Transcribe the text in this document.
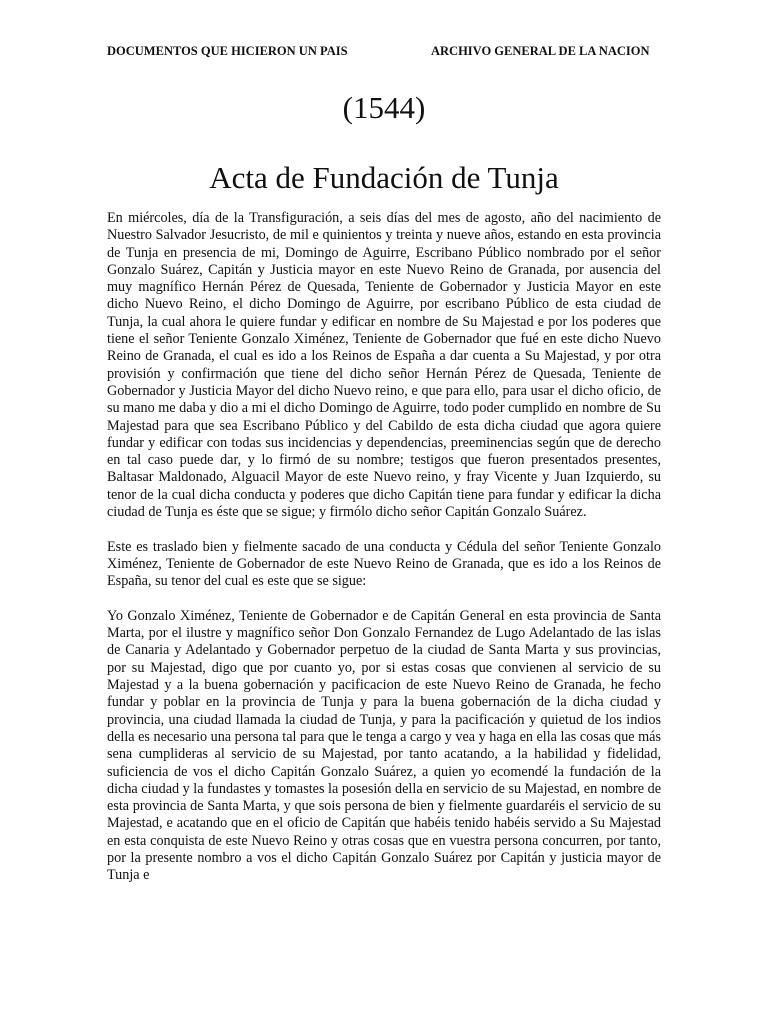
DOCUMENTOS QUE HICIERON UN PAIS	ARCHIVO GENERAL DE LA NACION
(1544)
Acta de Fundación de Tunja

En miércoles, día de la Transfiguración, a seis días del mes de agosto, año del nacimiento de Nuestro Salvador Jesucristo, de mil e quinientos y treinta y nueve años, estando en esta provincia de Tunja en presencia de mi, Domingo de Aguirre, Escribano Público nombrado por el señor Gonzalo Suárez, Capitán y Justicia mayor en este Nuevo Reino de Granada, por ausencia del muy magnífico Hernán Pérez de Quesada, Teniente de Gobernador y Justicia Mayor en este dicho Nuevo Reino, el dicho Domingo de Aguirre, por escribano Público de esta ciudad de Tunja, la cual ahora le quiere fundar y edificar en nombre de Su Majestad e por los poderes que tiene el señor Teniente Gonzalo Ximénez, Teniente de Gobernador que fué en este dicho Nuevo Reino de Granada, el cual es ido a los Reinos de España a dar cuenta a Su Majestad, y por otra provisión y confirmación que tiene del dicho señor Hernán Pérez de Quesada, Teniente de Gobernador y Justicia Mayor del dicho Nuevo reino, e que para ello, para usar el dicho oficio, de su mano me daba y dio a mi el dicho Domingo de Aguirre, todo poder cumplido en nombre de Su Majestad para que sea Escribano Público y del Cabildo de esta dicha ciudad que agora quiere fundar y edificar con todas sus incidencias y dependencias, preeminencias según que de derecho en tal caso puede dar, y lo firmó de su nombre; testigos que fueron presentados presentes, Baltasar Maldonado, Alguacil Mayor de este Nuevo reino, y fray Vicente y Juan Izquierdo, su tenor de la cual dicha conducta y poderes que dicho Capitán tiene para fundar y edificar la dicha ciudad de Tunja es éste que se sigue; y firmólo dicho señor Capitán Gonzalo Suárez.

Este es traslado bien y fielmente sacado de una conducta y Cédula del señor Teniente Gonzalo Ximénez, Teniente de Gobernador de este Nuevo Reino de Granada, que es ido a los Reinos de España, su tenor del cual es este que se sigue:

Yo Gonzalo Ximénez, Teniente de Gobernador e de Capitán General en esta provincia de Santa Marta, por el ilustre y magnífico señor Don Gonzalo Fernandez de Lugo Adelantado de las islas de Canaria y Adelantado y Gobernador perpetuo de la ciudad de Santa Marta y sus provincias, por su Majestad, digo que por cuanto yo, por si estas cosas que convienen al servicio de su Majestad y a la buena gobernación y pacificacion de este Nuevo Reino de Granada, he fecho fundar y poblar en la provincia de Tunja y para la buena gobernación de la dicha ciudad y provincia, una ciudad llamada la ciudad de Tunja, y para la pacificación y quietud de los indios della es necesario una persona tal para que le tenga a cargo y vea y haga en ella las cosas que más sena cumplideras al servicio de su Majestad, por tanto acatando, a la habilidad y fidelidad, suficiencia de vos el dicho Capitán Gonzalo Suárez, a quien yo ecomendé la fundación de la dicha ciudad y la fundastes y tomastes la posesión della en servicio de su Majestad, en nombre de esta provincia de Santa Marta, y que sois persona de bien y fielmente guardaréis el servicio de su Majestad, e acatando que en el oficio de Capitán que habéis tenido habéis servido a Su Majestad en esta conquista de este Nuevo Reino y otras cosas que en vuestra persona concurren, por tanto, por la presente nombro a vos el dicho Capitán Gonzalo Suárez por Capitán y justicia mayor de Tunja e
